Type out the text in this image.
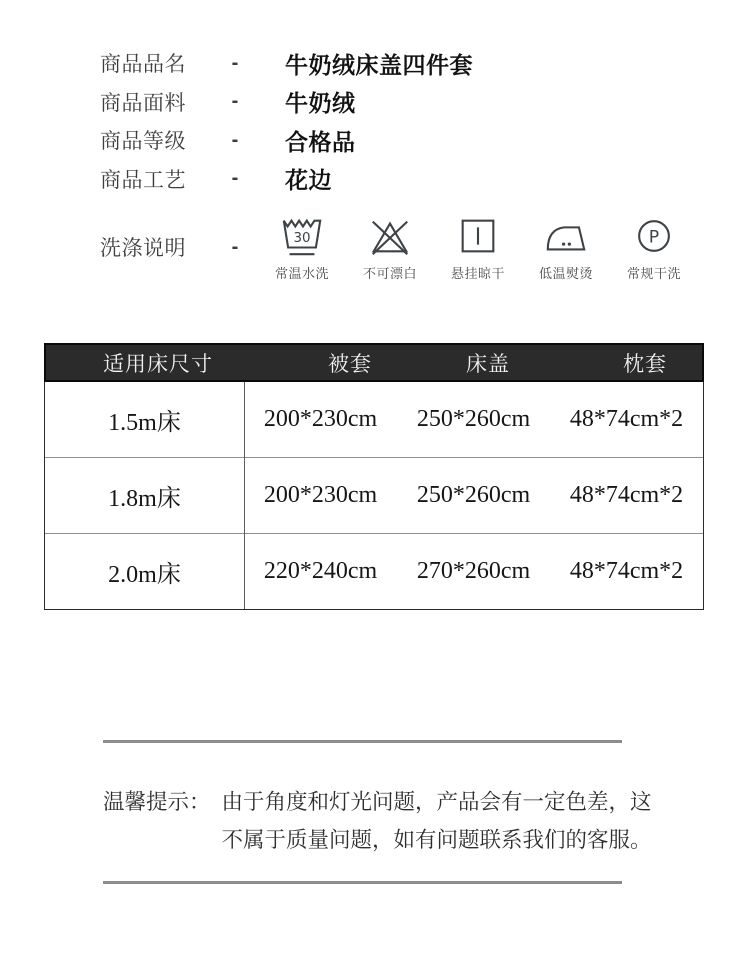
商品品名	-	牛奶绒床盖四件套
商品面料	-	牛奶绒
商品等级	-	合格品
商品工艺	-	花边
洗涤说明	-	30
常温水洗	不可漂白	悬挂晾干	低温熨烫
P
常规干洗
适用床尺寸	被套	床盖	枕套
1.5m床	200*230cm	250*260cm	48*74cm*2
1.8m床	200*230cm	250*260cm	48*74cm*2
2.0m床	220*240cm	270*260cm	48*74cm*2
温馨提示： 由于角度和灯光问题，产品会有一定色差，这
不属于质量问题，如有问题联系我们的客服。
